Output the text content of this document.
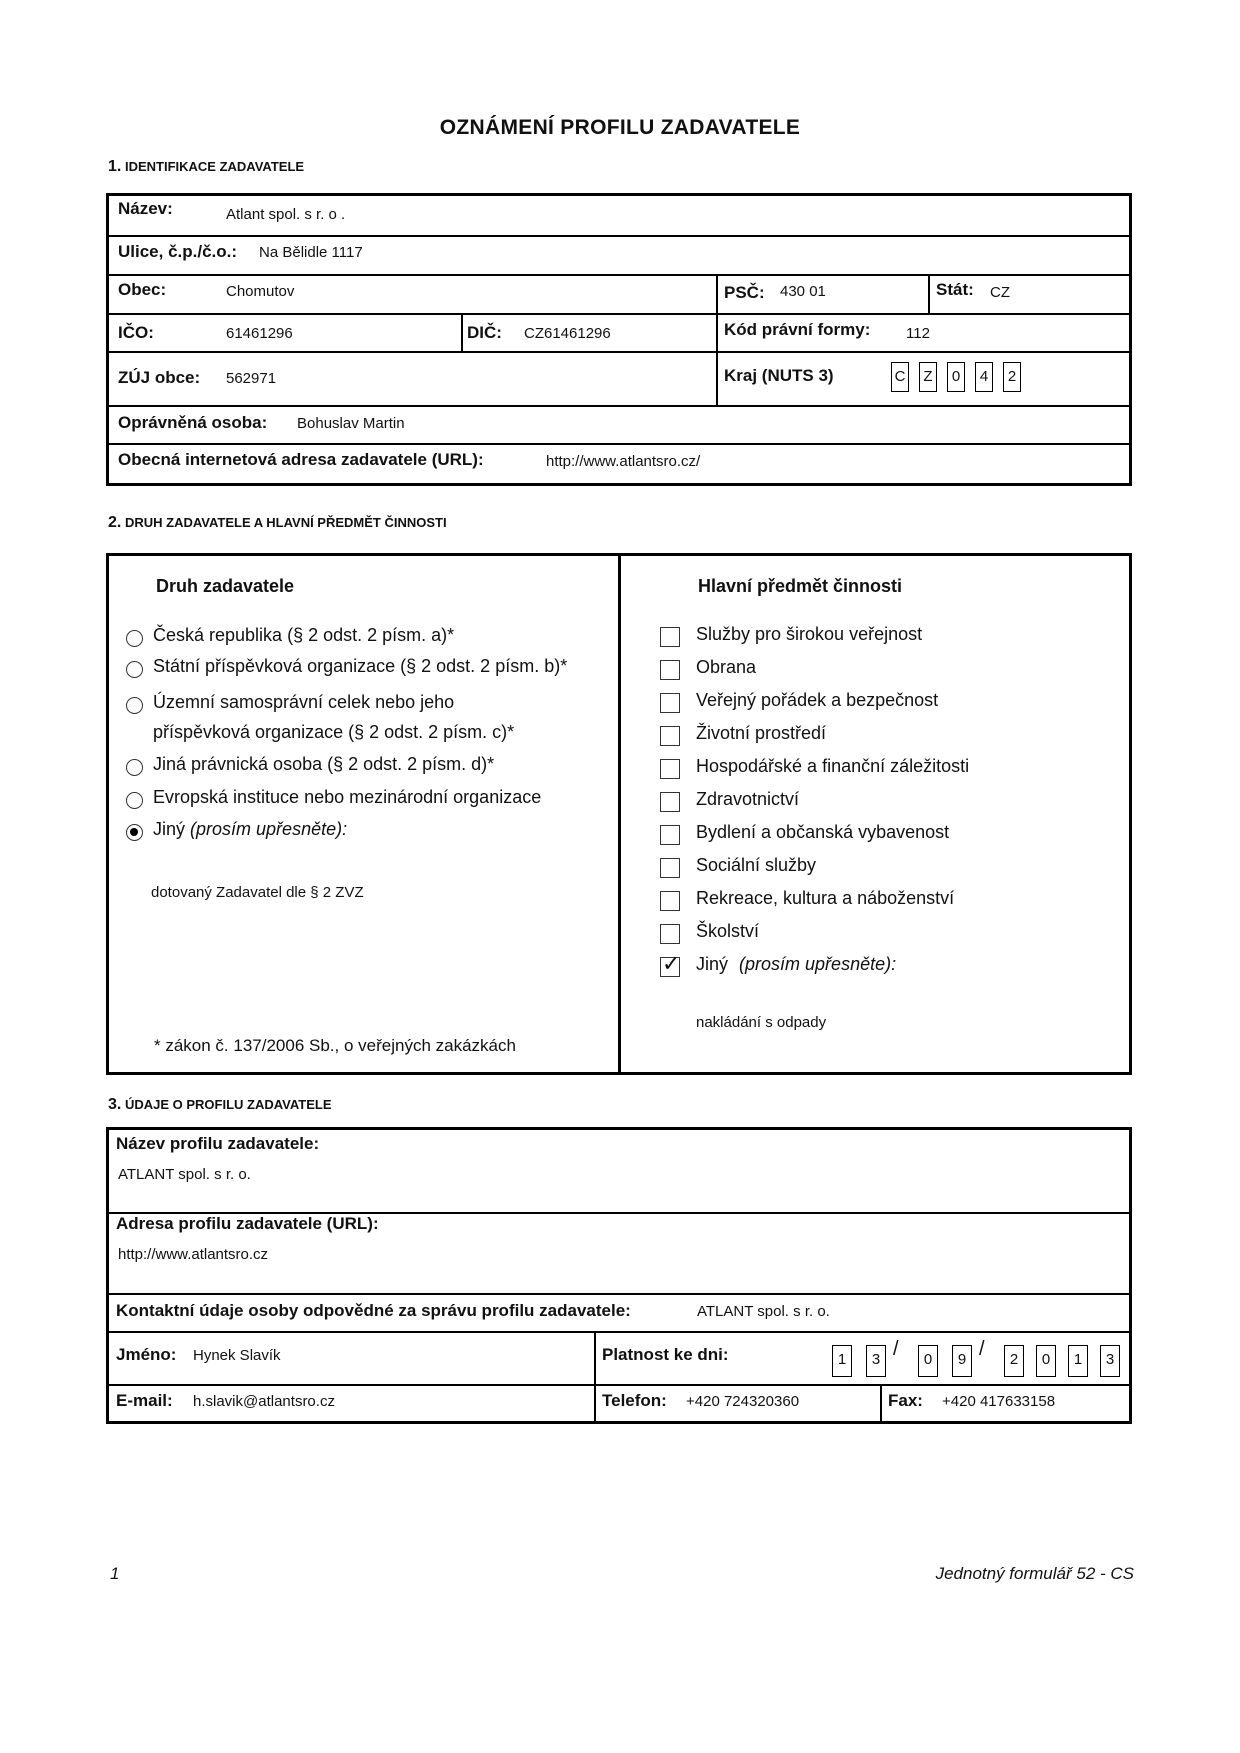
OZNÁMENÍ PROFILU ZADAVATELE
1. IDENTIFIKACE ZADAVATELE
Název:	Atlant spol. s r. o .
Ulice, č.p./č.o.: Na Bělidle 1117
Obec:	Chomutov	PSČ: 430 01	Stát: CZ
IČO:	61461296	DIČ: CZ61461296	Kód právní formy: 112
ZÚJ obce: 562971	Kraj (NUTS 3)	C Z	0	4	2
Oprávněná osoba: Bohuslav Martin
Obecná internetová adresa zadavatele (URL):	http://www.atlantsro.cz/
2. DRUH ZADAVATELE A HLAVNÍ PŘEDMĚT ČINNOSTI
Druh zadavatele
Česká republika (§ 2 odst. 2 písm. a)*
Státní příspěvková organizace (§ 2 odst. 2 písm. b)*
Územní samosprávní celek nebo jeho
příspěvková organizace (§ 2 odst. 2 písm. c)*
Jiná právnická osoba (§ 2 odst. 2 písm. d)*
Evropská instituce nebo mezinárodní organizace
Jiný (prosím upřesněte):
dotovaný Zadavatel dle § 2 ZVZ
* zákon č. 137/2006 Sb., o veřejných zakázkách
Hlavní předmět činnosti
Služby pro širokou veřejnost
Obrana
Veřejný pořádek a bezpečnost
Životní prostředí
Hospodářské a finanční záležitosti
Zdravotnictví
Bydlení a občanská vybavenost
Sociální služby
Rekreace, kultura a náboženství
Školství
✓
Jiný (prosím upřesněte):
nakládání s odpady
3. ÚDAJE O PROFILU ZADAVATELE
Název profilu zadavatele:
ATLANT spol. s r. o.
Adresa profilu zadavatele (URL):
http://www.atlantsro.cz
Kontaktní údaje osoby odpovědné za správu profilu zadavatele:	ATLANT spol. s r. o.
Jméno: Hynek Slavík	Platnost ke dni:	1	3 /	0	9 /	2	0	1	3
E-mail: h.slavik@atlantsro.cz	Telefon: +420 724320360	Fax: +420 417633158
1	Jednotný formulář 52 - CS
